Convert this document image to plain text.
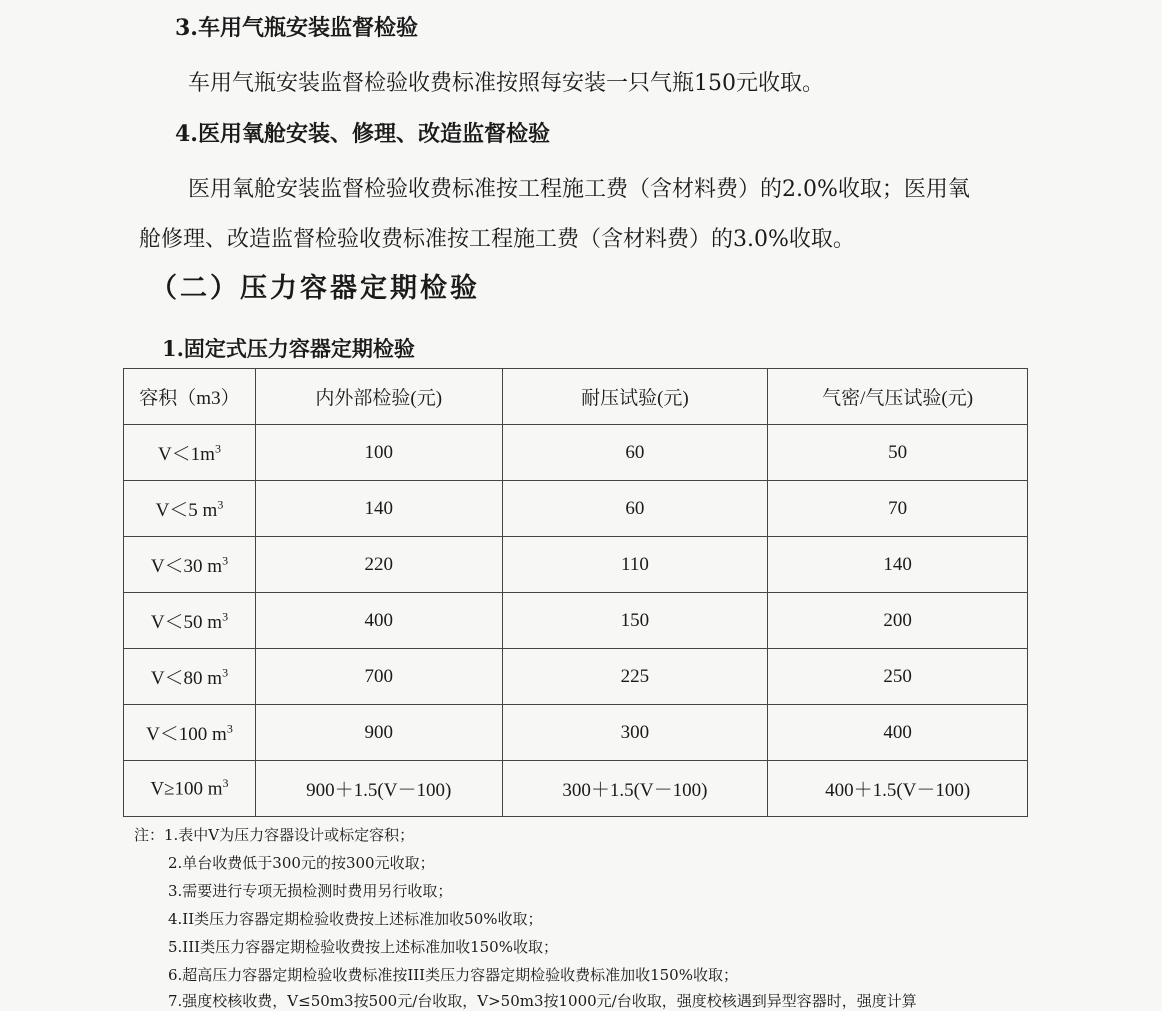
3.车用气瓶安装监督检验
车用气瓶安装监督检验收费标准按照每安装一只气瓶150元收取。
4.医用氧舱安装、修理、改造监督检验
医用氧舱安装监督检验收费标准按工程施工费（含材料费）的2.0%收取；医用氧
舱修理、改造监督检验收费标准按工程施工费（含材料费）的3.0%收取。
（二）压力容器定期检验
1.固定式压力容器定期检验
容积（m3）	内外部检验(元)	耐压试验(元)	气密/气压试验(元)
$V<1m^3$	100	60	50
V＜5 $m^3$	140	60	70
V＜30 $m^3$	220	110	140
V＜50 $m^3$	400	150	200
V＜80 $m^3$	700	225	250
V＜100 $m^3$	900	300	400
V≥100 $m^3$	900＋1.5(V－100)	300＋1.5(V－100)	400＋1.5(V－100)
注：1.表中V为压力容器设计或标定容积；
2.单台收费低于300元的按300元收取；
3.需要进行专项无损检测时费用另行收取；
4.II类压力容器定期检验收费按上述标准加收50%收取；
5.III类压力容器定期检验收费按上述标准加收150%收取；
6.超高压力容器定期检验收费标准按III类压力容器定期检验收费标准加收150%收取；
7.强度校核收费，V≤50m3按500元/台收取，V>50m3按1000元/台收取，强度校核遇到异型容器时，强度计算
